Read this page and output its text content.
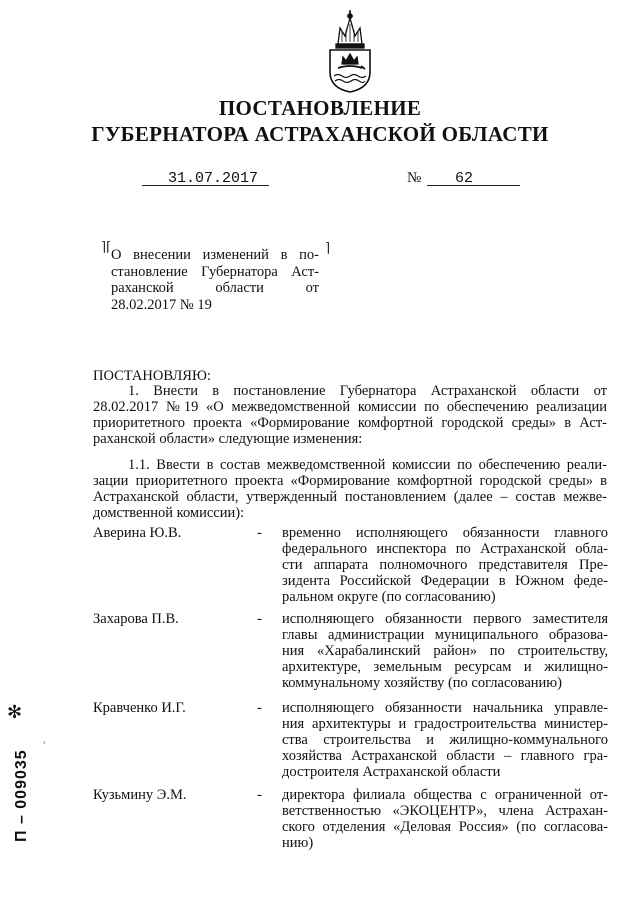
ПОСТАНОВЛЕНИЕ
ГУБЕРНАТОРА АСТРАХАНСКОЙ ОБЛАСТИ
31.07.2017	№ 62
⌉⌈	⌉
О внесении изменений в по-
становление Губернатора Аст-
раханской области от
28.02.2017 № 19
ПОСТАНОВЛЯЮ:
1. Внести в постановление Губернатора Астраханской области от
28.02.2017 №19 «О межведомственной комиссии по обеспечению реализации
приоритетного проекта «Формирование комфортной городской среды» в Аст-
раханской области» следующие изменения:
1.1. Ввести в состав межведомственной комиссии по обеспечению реали-
зации приоритетного проекта «Формирование комфортной городской среды» в
Астраханской области, утвержденный постановлением (далее – состав межве-
домственной комиссии):
Аверина Ю.В.	- временно исполняющего обязанности главного
федерального инспектора по Астраханской обла-
сти аппарата полномочного представителя Пре-
зидента Российской Федерации в Южном феде-
ральном округе (по согласованию)
Захарова П.В.	- исполняющего обязанности первого заместителя
главы администрации муниципального образова-
ния «Харабалинский район» по строительству,
архитектуре, земельным ресурсам и жилищно-
коммунальному хозяйству (по согласованию)
Кравченко И.Г.	- исполняющего обязанности начальника управле-
ния архитектуры и градостроительства министер-
ства строительства и жилищно-коммунального
хозяйства Астраханской области – главного гра-
достроителя Астраханской области
Кузьмину Э.М.	- директора филиала общества с ограниченной от-
ветственностью «ЭКОЦЕНТР», члена Астрахан-
ского отделения «Деловая Россия» (по согласова-
нию)
✻
П – 009035
′
